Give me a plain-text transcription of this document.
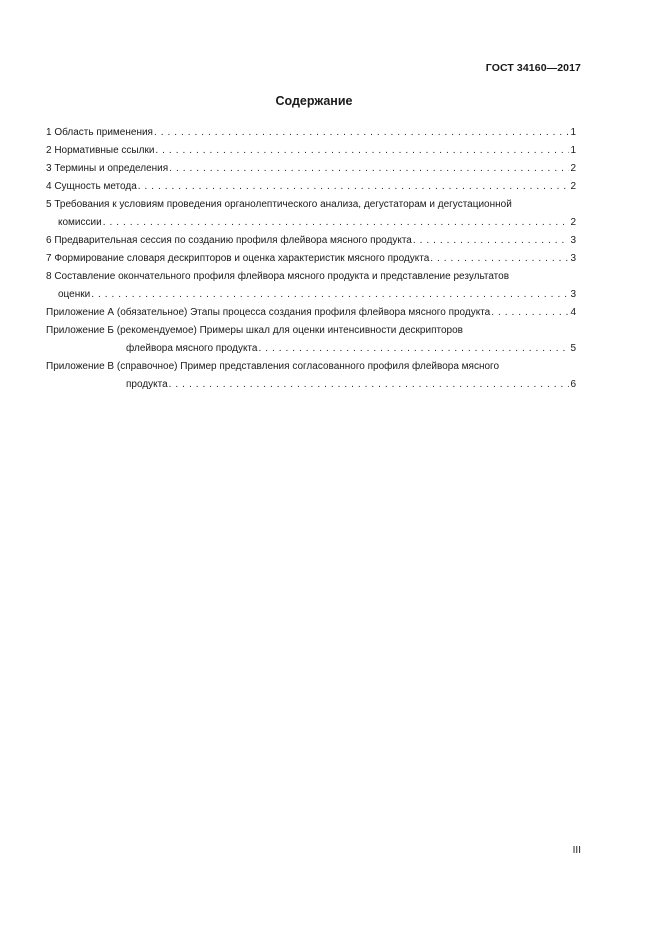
ГОСТ 34160—2017
Содержание
1 Область применения . . .	1
2 Нормативные ссылки . . .	1
3 Термины и определения . . .	2
4 Сущность метода . . .	2
5 Требования к условиям проведения органолептического анализа, дегустаторам и дегустационной
комиссии . . .	2
6 Предварительная сессия по созданию профиля флейвора мясного продукта . . .	3
7 Формирование словаря дескрипторов и оценка характеристик мясного продукта . . .	3
8 Составление окончательного профиля флейвора мясного продукта и представление результатов
оценки . . .	3
Приложение А (обязательное) Этапы процесса создания профиля флейвора мясного продукта . . .	4
Приложение Б (рекомендуемое) Примеры шкал для оценки интенсивности дескрипторов
флейвора мясного продукта . . .	5
Приложение В (справочное) Пример представления согласованного профиля флейвора мясного
продукта . . .	6
III
